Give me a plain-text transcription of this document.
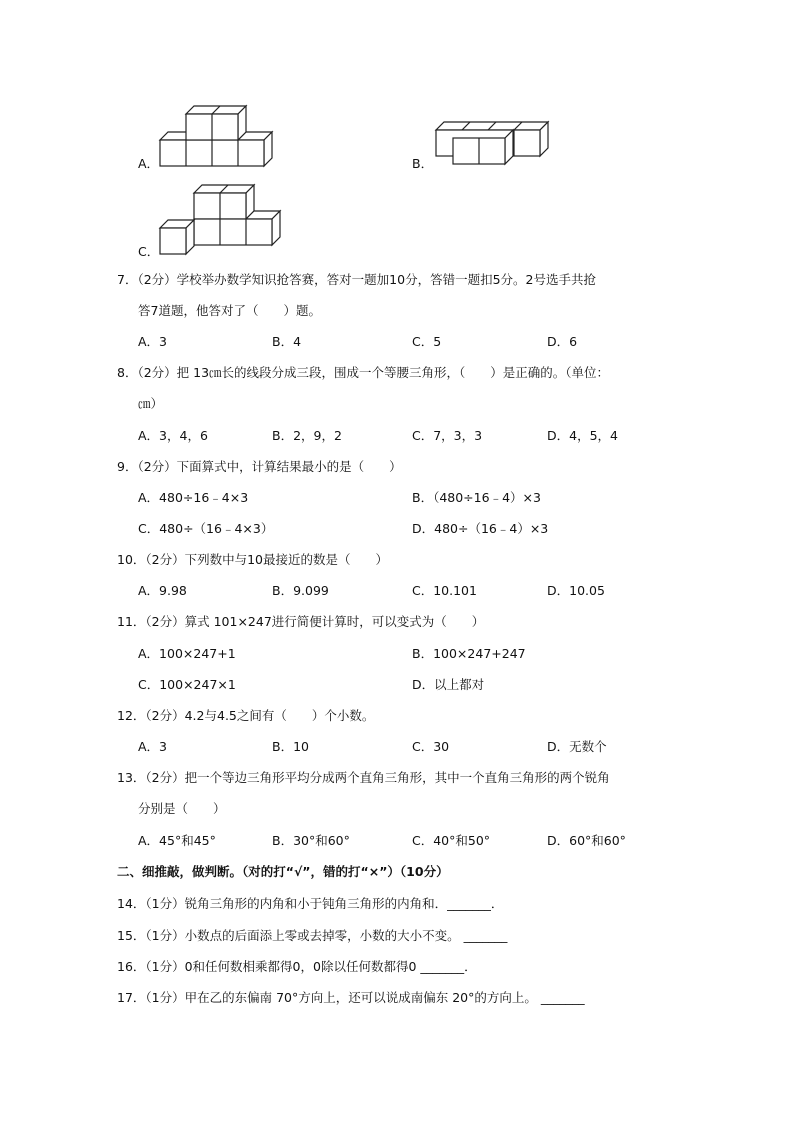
A．	B．
C．
7．（2分）学校举办数学知识抢答赛，答对一题加10分，答错一题扣5分。2号选手共抢
答7道题，他答对了（　　）题。
A．3	B．4	C．5	D．6
8．（2分）把 13㎝长的线段分成三段，围成一个等腰三角形，（　　）是正确的。（单位：
㎝）
A．3，4，6	B．2，9，2	C．7，3，3	D．4，5，4
9．（2分）下面算式中，计算结果最小的是（　　）
A．480÷16﹣4×3	B．（480÷16﹣4）×3
C．480÷（16﹣4×3）	D．480÷（16﹣4）×3
10．（2分）下列数中与10最接近的数是（　　）
A．9.98	B．9.099	C．10.101	D．10.05
11．（2分）算式 101×247进行简便计算时，可以变式为（　　）
A．100×247+1	B．100×247+247
C．100×247×1	D．以上都对
12．（2分）4.2与4.5之间有（　　）个小数。
A．3	B．10	C．30	D．无数个
13．（2分）把一个等边三角形平均分成两个直角三角形，其中一个直角三角形的两个锐角
分别是（　　）
A．45°和45°	B．30°和60°	C．40°和50°	D．60°和60°
二、细推敲，做判断。（对的打“√”，错的打“×”）（10分）
14．（1分）锐角三角形的内角和小于钝角三角形的内角和．_______．
15．（1分）小数点的后面添上零或去掉零，小数的大小不变。 _______
16．（1分）0和任何数相乘都得0，0除以任何数都得0 _______．
17．（1分）甲在乙的东偏南 70°方向上，还可以说成南偏东 20°的方向上。 _______
